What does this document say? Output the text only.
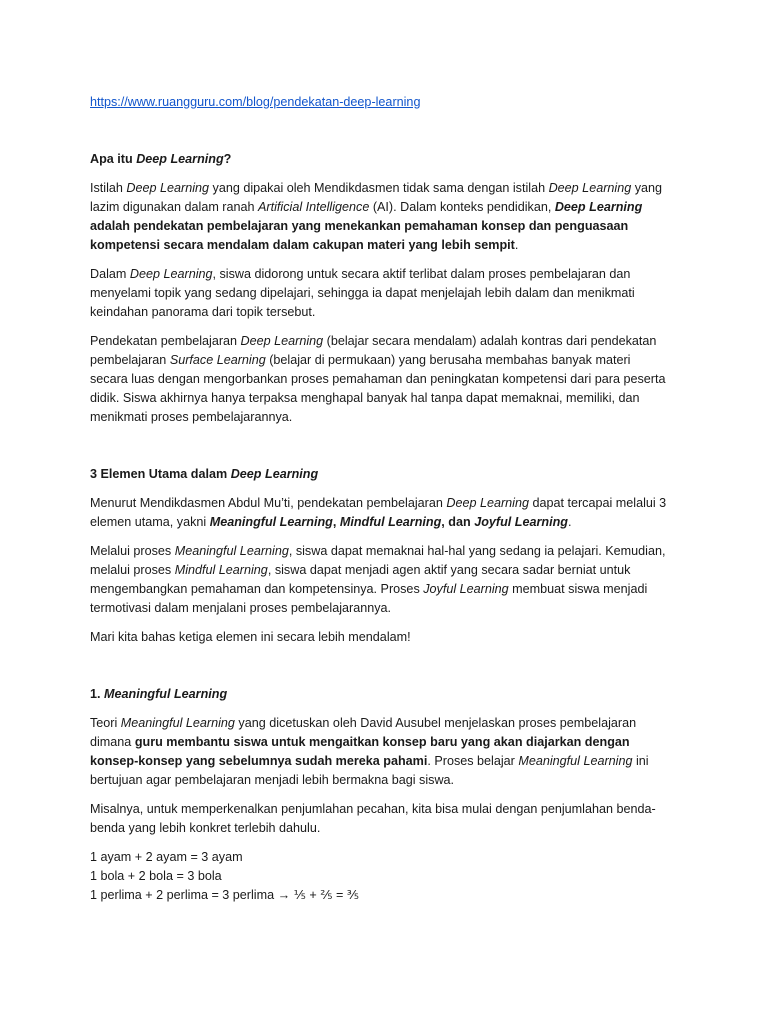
https://www.ruangguru.com/blog/pendekatan-deep-learning

Apa itu Deep Learning?

Istilah Deep Learning yang dipakai oleh Mendikdasmen tidak sama dengan istilah Deep Learning yang lazim digunakan dalam ranah Artificial Intelligence (AI). Dalam konteks pendidikan, Deep Learning adalah pendekatan pembelajaran yang menekankan pemahaman konsep dan penguasaan kompetensi secara mendalam dalam cakupan materi yang lebih sempit.

Dalam Deep Learning, siswa didorong untuk secara aktif terlibat dalam proses pembelajaran dan menyelami topik yang sedang dipelajari, sehingga ia dapat menjelajah lebih dalam dan menikmati keindahan panorama dari topik tersebut.

Pendekatan pembelajaran Deep Learning (belajar secara mendalam) adalah kontras dari pendekatan pembelajaran Surface Learning (belajar di permukaan) yang berusaha membahas banyak materi secara luas dengan mengorbankan proses pemahaman dan peningkatan kompetensi dari para peserta didik. Siswa akhirnya hanya terpaksa menghapal banyak hal tanpa dapat memaknai, memiliki, dan menikmati proses pembelajarannya.

3 Elemen Utama dalam Deep Learning

Menurut Mendikdasmen Abdul Mu’ti, pendekatan pembelajaran Deep Learning dapat tercapai melalui 3 elemen utama, yakni Meaningful Learning, Mindful Learning, dan Joyful Learning.

Melalui proses Meaningful Learning, siswa dapat memaknai hal-hal yang sedang ia pelajari. Kemudian, melalui proses Mindful Learning, siswa dapat menjadi agen aktif yang secara sadar berniat untuk mengembangkan pemahaman dan kompetensinya. Proses Joyful Learning membuat siswa menjadi termotivasi dalam menjalani proses pembelajarannya.

Mari kita bahas ketiga elemen ini secara lebih mendalam!

1. Meaningful Learning

Teori Meaningful Learning yang dicetuskan oleh David Ausubel menjelaskan proses pembelajaran dimana guru membantu siswa untuk mengaitkan konsep baru yang akan diajarkan dengan konsep-konsep yang sebelumnya sudah mereka pahami. Proses belajar Meaningful Learning ini bertujuan agar pembelajaran menjadi lebih bermakna bagi siswa.

Misalnya, untuk memperkenalkan penjumlahan pecahan, kita bisa mulai dengan penjumlahan benda-benda yang lebih konkret terlebih dahulu.

1 ayam + 2 ayam = 3 ayam

1 bola + 2 bola = 3 bola

1 perlima + 2 perlima = 3 perlima → ⅕ + ⅖ = ⅗
